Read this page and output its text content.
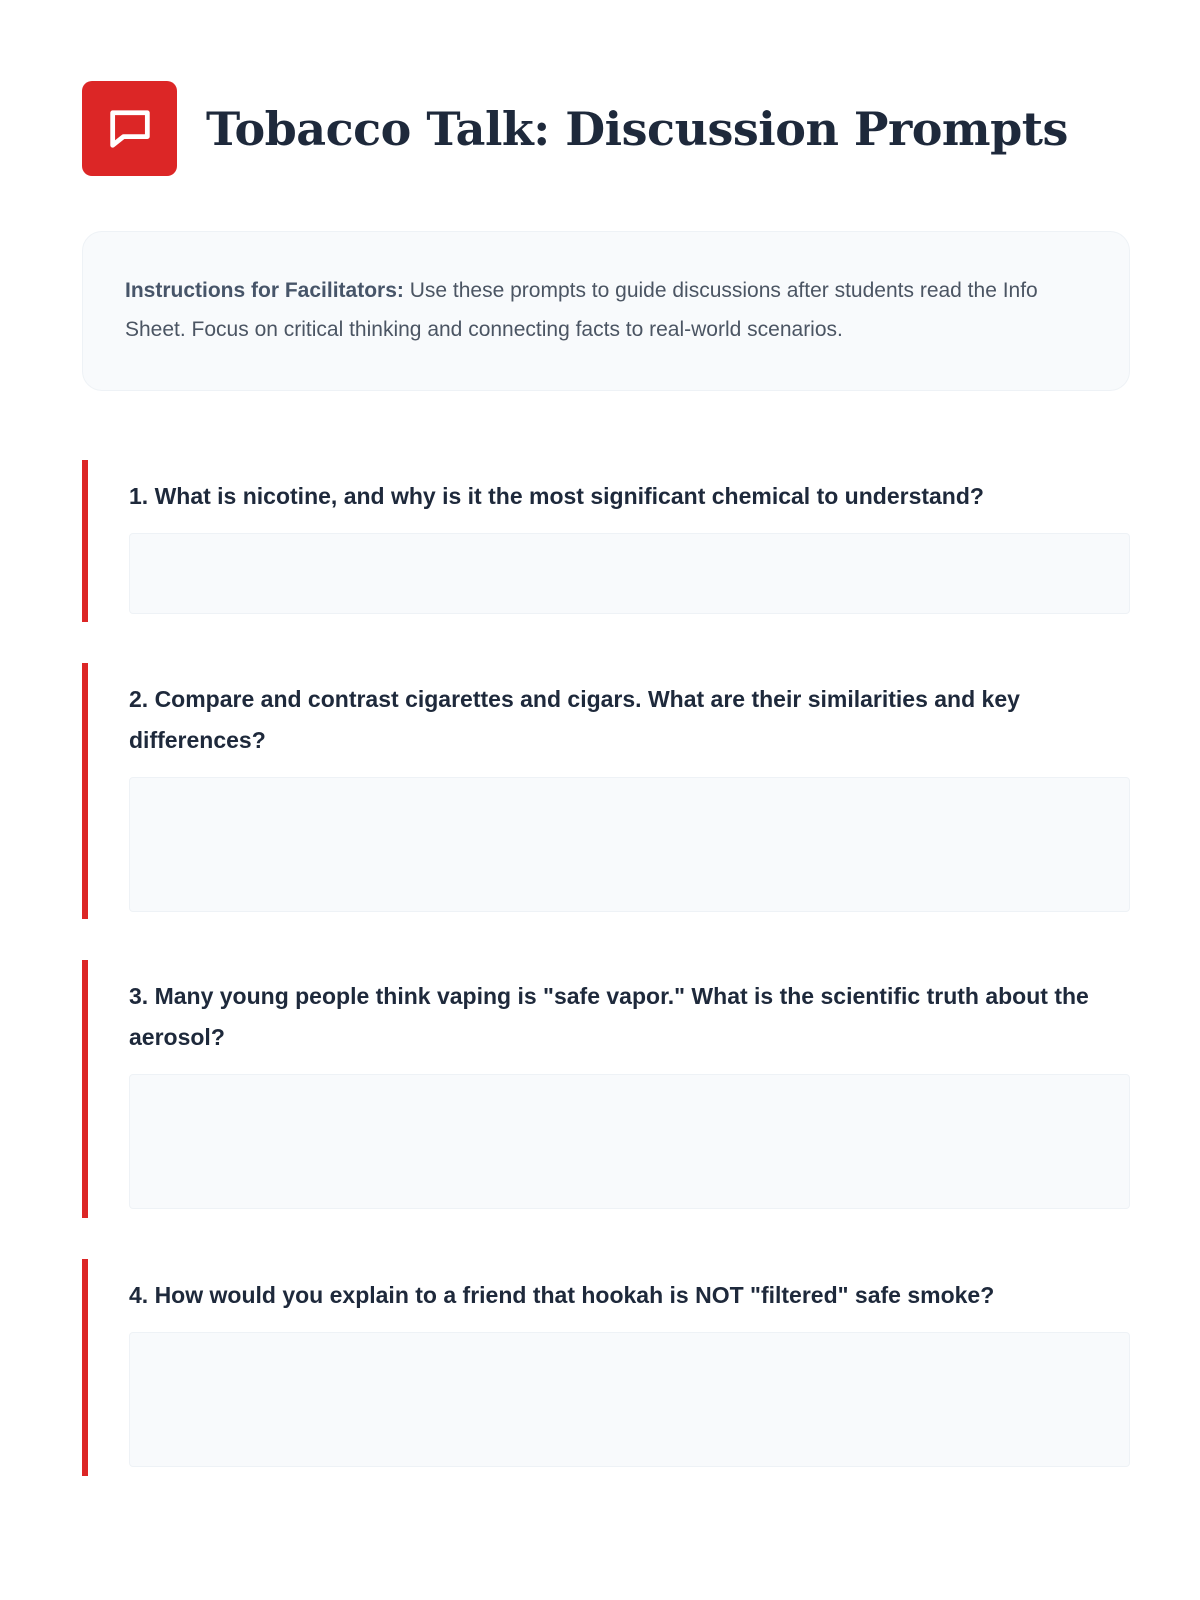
Tobacco Talk: Discussion Prompts
Instructions for Facilitators: Use these prompts to guide discussions after students read the Info Sheet. Focus on critical thinking and connecting facts to real-world scenarios.

1. What is nicotine, and why is it the most significant chemical to understand?

2. Compare and contrast cigarettes and cigars. What are their similarities and key differences?

3. Many young people think vaping is "safe vapor." What is the scientific truth about the aerosol?

4. How would you explain to a friend that hookah is NOT "filtered" safe smoke?
